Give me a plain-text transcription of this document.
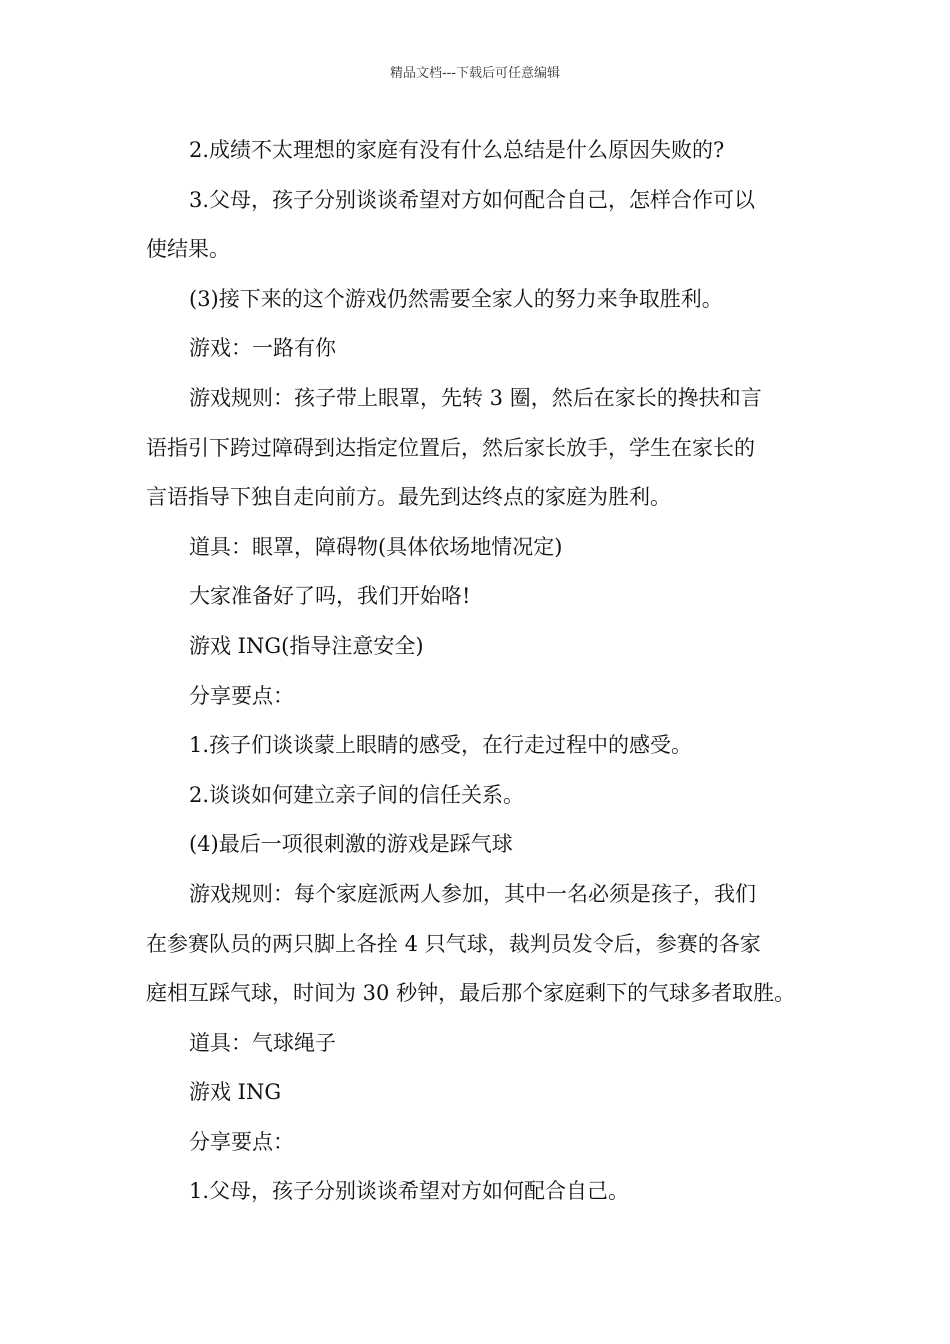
精品文档---下载后可任意编辑
2.成绩不太理想的家庭有没有什么总结是什么原因失败的?
3.父母，孩子分别谈谈希望对方如何配合自己，怎样合作可以
使结果。
(3)接下来的这个游戏仍然需要全家人的努力来争取胜利。
游戏：一路有你
游戏规则：孩子带上眼罩，先转 3 圈，然后在家长的搀扶和言
语指引下跨过障碍到达指定位置后，然后家长放手，学生在家长的
言语指导下独自走向前方。最先到达终点的家庭为胜利。
道具：眼罩，障碍物(具体依场地情况定)
大家准备好了吗，我们开始咯!
游戏 ING(指导注意安全)
分享要点：
1.孩子们谈谈蒙上眼睛的感受，在行走过程中的感受。
2.谈谈如何建立亲子间的信任关系。
(4)最后一项很刺激的游戏是踩气球
游戏规则：每个家庭派两人参加，其中一名必须是孩子，我们
在参赛队员的两只脚上各拴 4 只气球，裁判员发令后，参赛的各家
庭相互踩气球，时间为 30 秒钟，最后那个家庭剩下的气球多者取胜。
道具：气球绳子
游戏 ING
分享要点：
1.父母，孩子分别谈谈希望对方如何配合自己。
